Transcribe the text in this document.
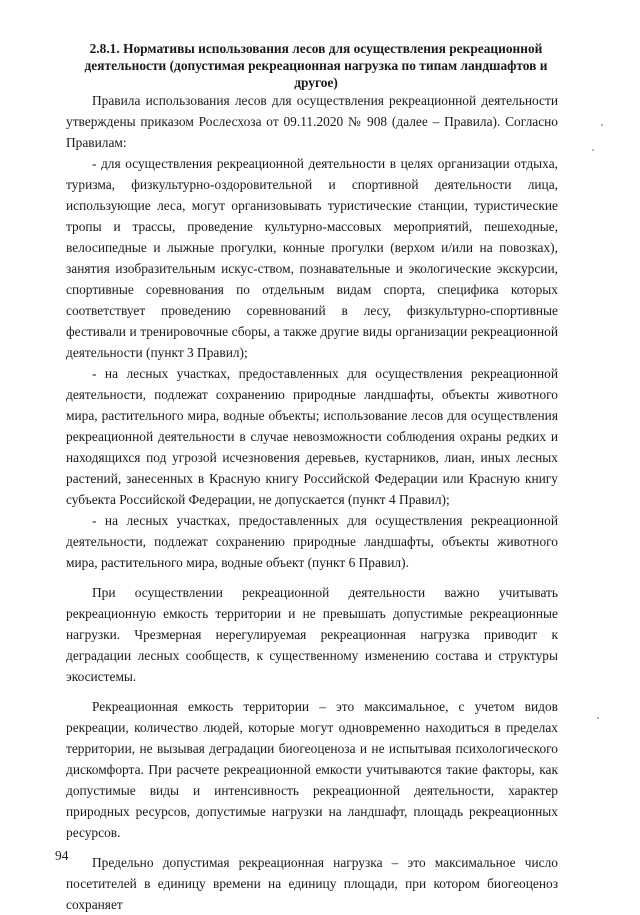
2.8.1. Нормативы использования лесов для осуществления рекреационной
деятельности (допустимая рекреационная нагрузка по типам ландшафтов и другое)

Правила использования лесов для осуществления рекреационной деятельности утверждены приказом Рослесхоза от 09.11.2020 № 908 (далее – Правила). Согласно Правилам:

- для осуществления рекреационной деятельности в целях организации отдыха, туризма, физкультурно-оздоровительной и спортивной деятельности лица, использующие леса, могут организовывать туристические станции, туристические тропы и трассы, проведение культурно-массовых мероприятий, пешеходные, велосипедные и лыжные прогулки, конные прогулки (верхом и/или на повозках), занятия изобразительным искус-ством, познавательные и экологические экскурсии, спортивные соревнования по отдельным видам спорта, специфика которых соответствует проведению соревнований в лесу, физкультурно-спортивные фестивали и тренировочные сборы, а также другие виды организации рекреационной деятельности (пункт 3 Правил);

- на лесных участках, предоставленных для осуществления рекреационной деятельности, подлежат сохранению природные ландшафты, объекты животного мира, растительного мира, водные объекты; использование лесов для осуществления рекреационной деятельности в случае невозможности соблюдения охраны редких и находящихся под угрозой исчезновения деревьев, кустарников, лиан, иных лесных растений, занесенных в Красную книгу Российской Федерации или Красную книгу субъекта Российской Федерации, не допускается (пункт 4 Правил);

- на лесных участках, предоставленных для осуществления рекреационной деятельности, подлежат сохранению природные ландшафты, объекты животного мира, растительного мира, водные объект (пункт 6 Правил).

При осуществлении рекреационной деятельности важно учитывать рекреационную емкость территории и не превышать допустимые рекреационные нагрузки. Чрезмерная нерегулируемая рекреационная нагрузка приводит к деградации лесных сообществ, к существенному изменению состава и структуры экосистемы.

Рекреационная емкость территории – это максимальное, с учетом видов рекреации, количество людей, которые могут одновременно находиться в пределах территории, не вызывая деградации биогеоценоза и не испытывая психологического дискомфорта. При расчете рекреационной емкости учитываются такие факторы, как допустимые виды и интенсивность рекреационной деятельности, характер природных ресурсов, допустимые нагрузки на ландшафт, площадь рекреационных ресурсов.

Предельно допустимая рекреационная нагрузка – это максимальное число посетителей в единицу времени на единицу площади, при котором биогеоценоз сохраняет

94
